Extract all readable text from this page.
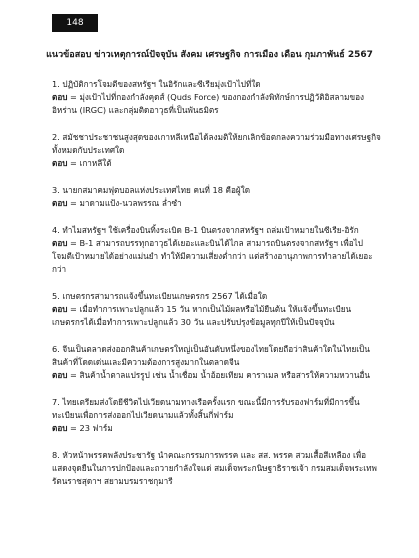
148
แนวข้อสอบ ข่าวเหตุการณ์ปัจจุบัน สังคม เศรษฐกิจ การเมือง เดือน กุมภาพันธ์ 2567

1. ปฏิบัติการโจมตีของสหรัฐฯ ในอิรักและซีเรียมุ่งเป้าไปที่ใด

ตอบ = มุ่งเป้าไปที่กองกำลังคุดส์ (Quds Force) ของกองกำลังพิทักษ์การปฏิวัติอิสลามของอิหร่าน (IRGC) และกลุ่มติดอาวุธที่เป็นพันธมิตร

2. สมัชชาประชาชนสูงสุดของเกาหลีเหนือได้ลงมติให้ยกเลิกข้อตกลงความร่วมมือทางเศรษฐกิจทั้งหมดกับประเทศใด

ตอบ = เกาหลีใต้

3. นายกสมาคมฟุตบอลแห่งประเทศไทย คนที่ 18 คือผู้ใด

ตอบ = มาดามแป้ง-นวลพรรณ ล่ำซำ

4. ทำไมสหรัฐฯ ใช้เครื่องบินทิ้งระเบิด B-1 บินตรงจากสหรัฐฯ ถล่มเป้าหมายในซีเรีย-อิรัก

ตอบ = B-1 สามารถบรรทุกอาวุธได้เยอะและบินได้ไกล สามารถบินตรงจากสหรัฐฯ เพื่อไปโจมตีเป้าหมายได้อย่างแม่นยำ ทำให้มีความเสี่ยงต่ำกว่า แต่สร้างอานุภาพการทำลายได้เยอะกว่า

5. เกษตรกรสามารถแจ้งขึ้นทะเบียนเกษตรกร 2567 ได้เมื่อใด

ตอบ = เมื่อทำการเพาะปลูกแล้ว 15 วัน หากเป็นไม้ผลหรือไม้ยืนต้น ให้แจ้งขึ้นทะเบียนเกษตรกรได้เมื่อทำการเพาะปลูกแล้ว 30 วัน และปรับปรุงข้อมูลทุกปีให้เป็นปัจจุบัน

6. จีนเป็นตลาดส่งออกสินค้าเกษตรใหญ่เป็นอันดับหนึ่งของไทยโดยถือว่าสินค้าใดในไทยเป็นสินค้าที่โดดเด่นและมีความต้องการสูงมากในตลาดจีน

ตอบ = สินค้าน้ำตาลแปรรูป เช่น น้ำเชื่อม น้ำอ้อยเทียม คาราเมล หรือสารให้ความหวานอื่น

7. ไทยเตรียมส่งโดยีชีวิตไปเวียดนามทางเรือครั้งแรก ขณะนี้มีการรับรองฟาร์มที่มีการขึ้นทะเบียนเพื่อการส่งออกไปเวียดนามแล้วทั้งสิ้นกี่ฟาร์ม

ตอบ = 23 ฟาร์ม

8. หัวหน้าพรรคพลังประชารัฐ นำคณะกรรมการพรรค และ สส. พรรค สวมเสื้อสีเหลือง เพื่อแสดงจุดยืนในการปกป้องและถวายกำลังใจแด่ สมเด็จพระกนิษฐาธิราชเจ้า กรมสมเด็จพระเทพรัตนราชสุดาฯ สยามบรมราชกุมารี
